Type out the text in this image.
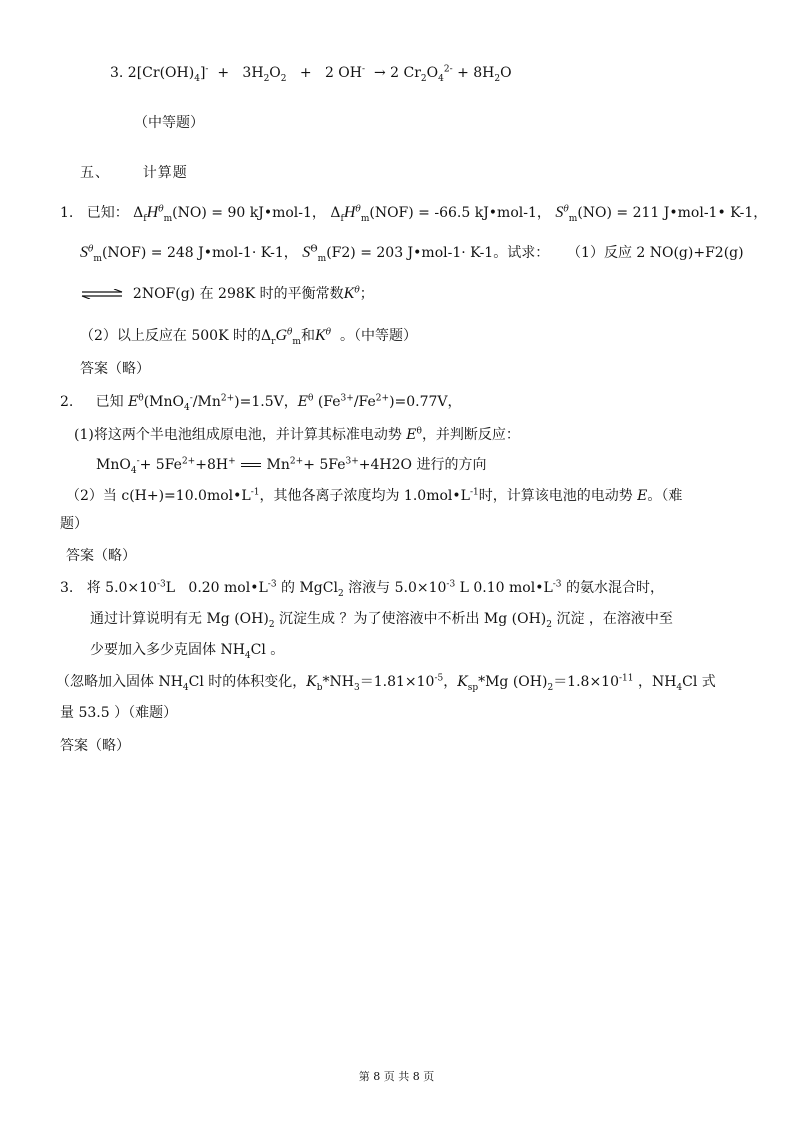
3. $2[Cr(OH)_4]^- + 3H_2O_2 + 2$ OH-  → 2 $Cr_2O_4^{2-} + 8H_2O$
（中等题）
五、 计算题
1. 已知： $\Delta_fH^\theta_m(NO) = 90$ kJ•mol-1， $\Delta_fH^\theta_m(NOF) = -66.5$ kJ•mol-1， $S^\theta_m(NO) = 211$ J•mol-1• K-1，
$S^\theta_m(NOF) = 248$ J•mol-1· K-1， $S^\Theta_m(F2) = 203$ J•mol-1· K-1。试求： （1）反应 2 NO(g)+F2(g)
⇌ 2NOF(g) 在 298K 时的平衡常数$K^\theta$；
（2）以上反应在 500K 时的$\Delta_rG^\theta_m$和$K^\theta$ 。（中等题）
答案（略）
2.     已知 $E^\theta(MnO_4^-/Mn^{2+})=1.5V$，$E^\theta$ $(Fe^{3+}/Fe^{2+})=0.77V$，
(1)将这两个半电池组成原电池，并计算其标准电动势 $E^\theta$，并判断反应：
$MnO_4^-+ 5Fe^{2+}+8H^+$  $Mn^{2+}+ 5Fe^{3+}+4H2O$ 进行的方向
（2）当 $c(H+)=10.0mol•L^{-1}$，其他各离子浓度均为 $1.0mol•L^{-1}$时，计算该电池的电动势 E。（难
题）
答案（略）
3.   将 $5.0\times 10^{-3}L$   0.20 $mol•L^{-3}$ 的 MgCl$_2$ 溶液与 $5.0\times 10^{-3}$ L 0.10 $mol•L^{-3}$ 的氨水混合时，
通过计算说明有无 Mg $(OH)_2$ 沉淀生成 ？为了使溶液中不析出 Mg $(OH)_2$ 沉淀 ，在溶液中至
少要加入多少克固体 $NH_4Cl$ 。
（忽略加入固体 $NH_4Cl$ 时的体积变化，$K_b*NH_3=1.81\times 10^{-5}$，$K_{sp}*Mg$ $(OH)_2=1.8\times 10^{-11}$ ，$NH_4Cl$ 式
量 53.5 ）（难题）
答案（略）
第 8 页 共 8 页
